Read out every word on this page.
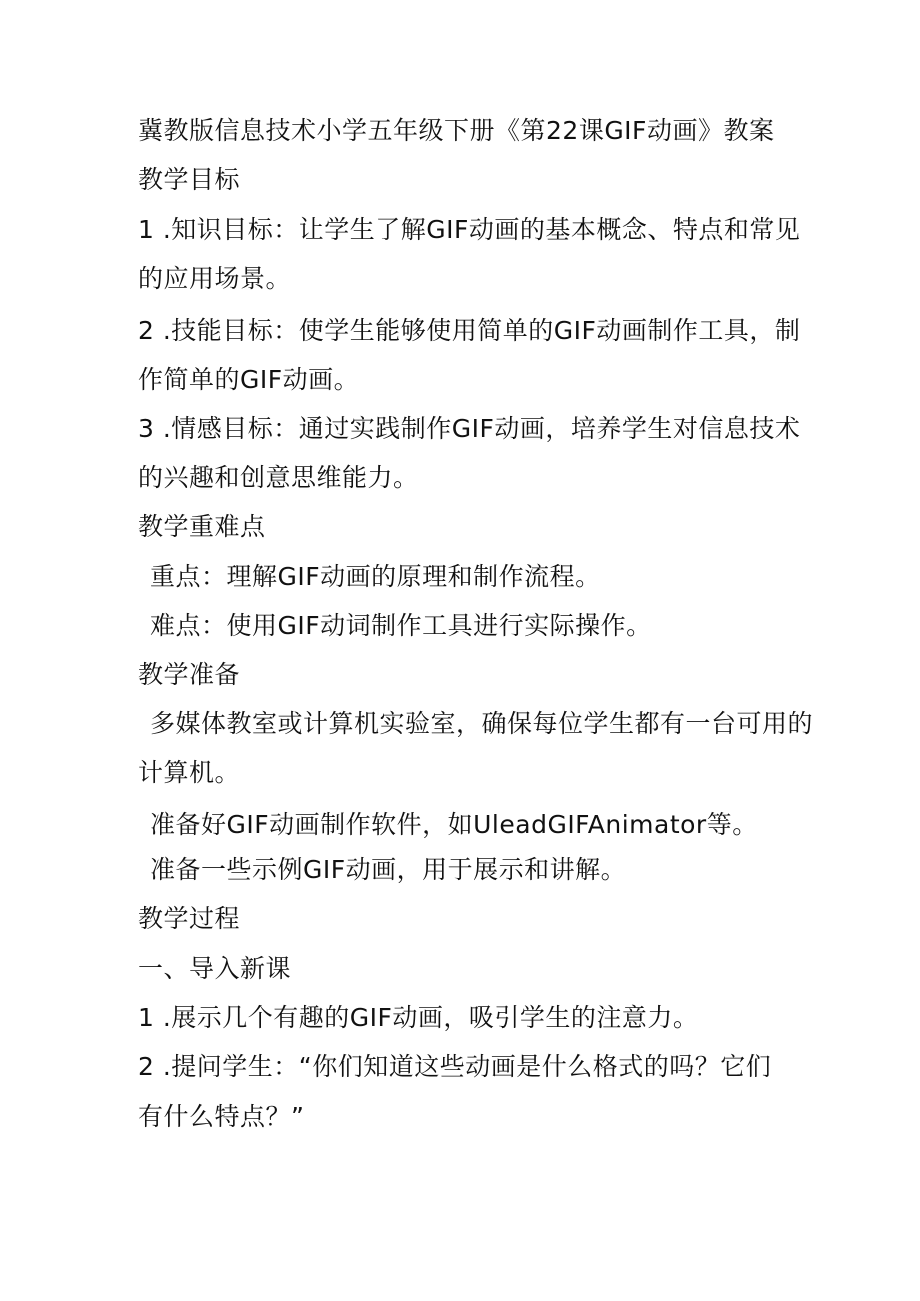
冀教版信息技术小学五年级下册《第22课GIF动画》教案
教学目标
1 .知识目标：让学生了解GIF动画的基本概念、特点和常见
的应用场景。
2 .技能目标：使学生能够使用简单的GIF动画制作工具，制
作简单的GIF动画。
3 .情感目标：通过实践制作GIF动画，培养学生对信息技术
的兴趣和创意思维能力。
教学重难点
重点：理解GIF动画的原理和制作流程。
难点：使用GIF动词制作工具进行实际操作。
教学准备
多媒体教室或计算机实验室，确保每位学生都有一台可用的
计算机。
准备好GIF动画制作软件，如UleadGIFAnimator等。
准备一些示例GIF动画，用于展示和讲解。
教学过程
一、导入新课
1 .展示几个有趣的GIF动画，吸引学生的注意力。
2 .提问学生：“你们知道这些动画是什么格式的吗？它们
有什么特点？”
